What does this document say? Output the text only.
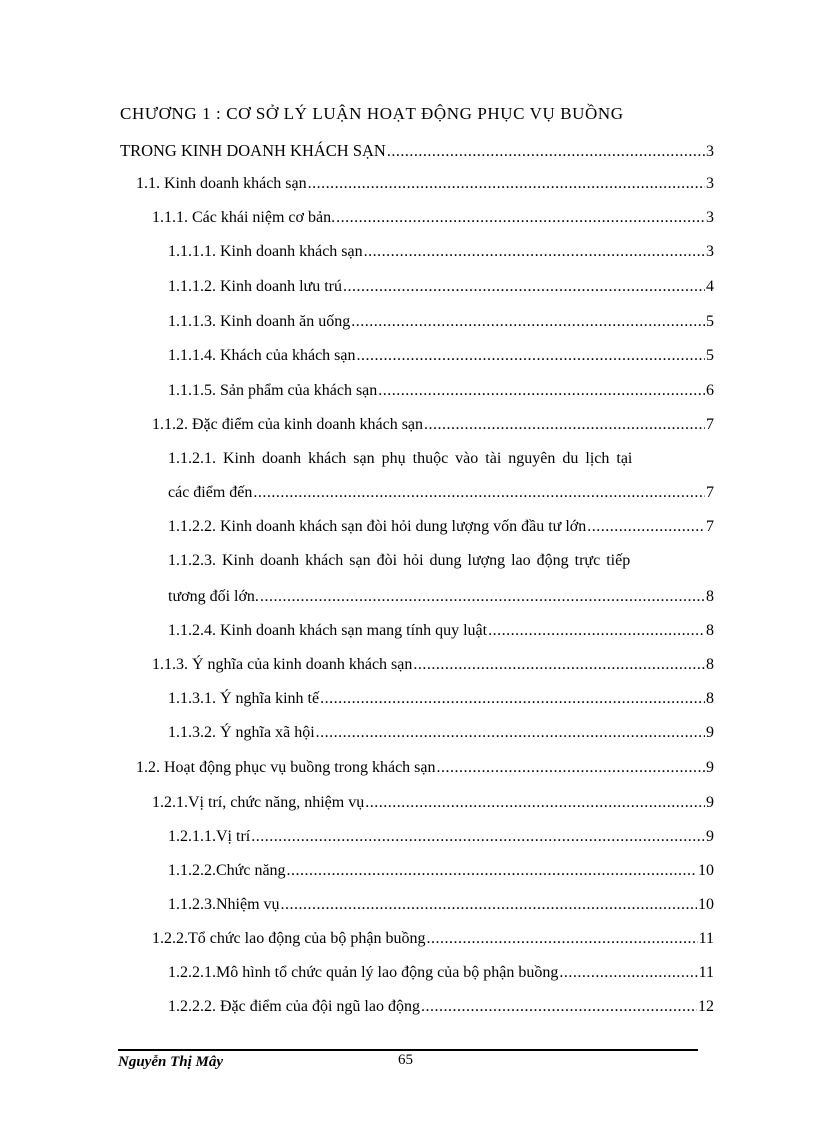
CHƯƠNG 1 : CƠ SỞ LÝ LUẬN HOẠT ĐỘNG PHỤC VỤ BUỒNG
TRONG KINH DOANH KHÁCH SẠN .....	3
1.1. Kinh doanh khách sạn .....	3
1.1.1. Các khái niệm cơ bản. .....	3
1.1.1.1. Kinh doanh khách sạn .....	3
1.1.1.2. Kinh doanh lưu trú .....	4
1.1.1.3. Kinh doanh ăn uống .....	5
1.1.1.4. Khách của khách sạn .....	5
1.1.1.5. Sản phẩm của khách sạn .....	6
1.1.2. Đặc điểm của kinh doanh khách sạn .....	7
1.1.2.1. Kinh doanh khách sạn phụ thuộc vào tài nguyên du lịch tại
các điểm đến .....	7
1.1.2.2. Kinh doanh khách sạn đòi hỏi dung lượng vốn đầu tư lớn .....	7
1.1.2.3. Kinh doanh khách sạn đòi hỏi dung lượng lao động trực tiếp
tương đối lớn. .....	8
1.1.2.4. Kinh doanh khách sạn mang tính quy luật .....	8
1.1.3. Ý nghĩa của kinh doanh khách sạn .....	8
1.1.3.1. Ý nghĩa kinh tế .....	8
1.1.3.2. Ý nghĩa xã hội .....	9
1.2. Hoạt động phục vụ buồng trong khách sạn .....	9
1.2.1.Vị trí, chức năng, nhiệm vụ .....	9
1.2.1.1.Vị trí .....	9
1.1.2.2.Chức năng .....	10
1.1.2.3.Nhiệm vụ .....	10
1.2.2.Tổ chức lao động của bộ phận buồng .....	11
1.2.2.1.Mô hình tổ chức quản lý lao động của bộ phận buồng .....	11
1.2.2.2. Đặc điểm của đội ngũ lao động .....	12
Nguyễn Thị Mây	65
